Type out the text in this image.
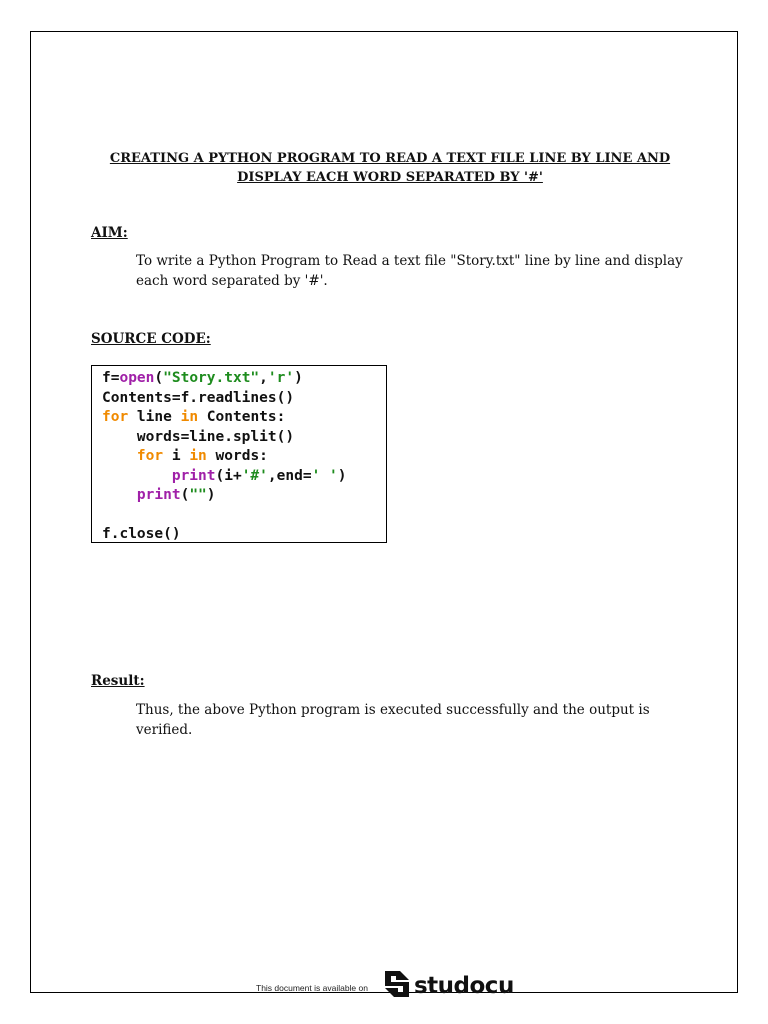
CREATING A PYTHON PROGRAM TO READ A TEXT FILE LINE BY LINE AND
DISPLAY EACH WORD SEPARATED BY '#'
AIM:
To write a Python Program to Read a text file "Story.txt" line by line and display
each word separated by '#'.
SOURCE CODE:
f=open("Story.txt",'r')
Contents=f.readlines()
for line in Contents:
words=line.split()
for i in words:
print(i+'#',end=' ')
print("")
f.close()
Result:
Thus, the above Python program is executed successfully and the output is verified.
This document is available on studocu
